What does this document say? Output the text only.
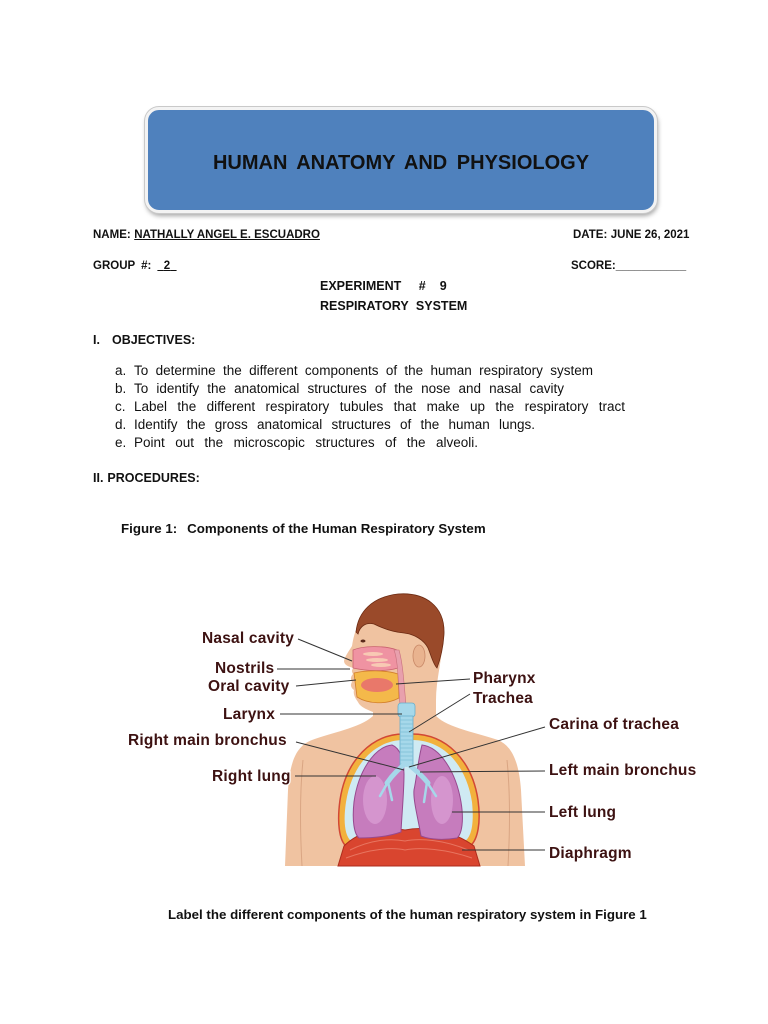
HUMAN ANATOMY AND PHYSIOLOGY
NAME: NATHALLY ANGEL E. ESCUADRO	DATE: JUNE 26, 2021
GROUP #: 2	SCORE:___________
EXPERIMENT # 9
RESPIRATORY SYSTEM
I. OBJECTIVES:
a. To determine the different components of the human respiratory system
b. To identify the anatomical structures of the nose and nasal cavity
c. Label the different respiratory tubules that make up the respiratory tract
d. Identify the gross anatomical structures of the human lungs.
e. Point out the microscopic structures of the alveoli.
II. PROCEDURES:
Figure 1: Components of the Human Respiratory System
Nasal cavity
Nostrils
Oral cavity
Larynx
Right main bronchus
Right lung
Pharynx
Trachea
Carina of trachea
Left main bronchus
Left lung
Diaphragm
Label the different components of the human respiratory system in Figure 1
